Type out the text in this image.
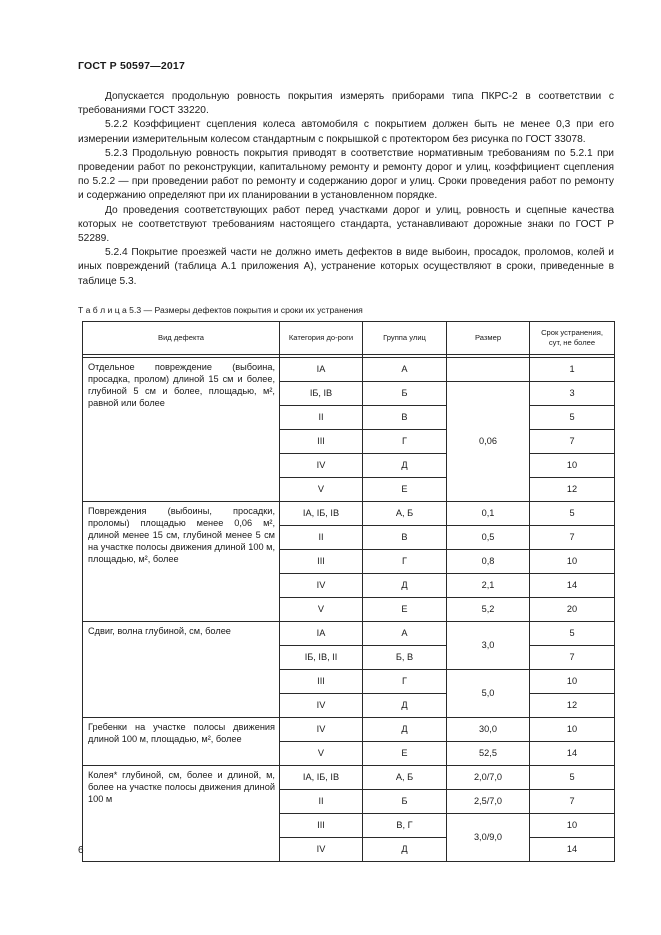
ГОСТ Р 50597—2017

Допускается продольную ровность покрытия измерять приборами типа ПКРС-2 в соответствии с требованиями ГОСТ 33220.

5.2.2 Коэффициент сцепления колеса автомобиля с покрытием должен быть не менее 0,3 при его измерении измерительным колесом стандартным с покрышкой с протектором без рисунка по ГОСТ 33078.

5.2.3 Продольную ровность покрытия приводят в соответствие нормативным требованиям по 5.2.1 при проведении работ по реконструкции, капитальному ремонту и ремонту дорог и улиц, коэффициент сцепления по 5.2.2 — при проведении работ по ремонту и содержанию дорог и улиц. Сроки проведения работ по ремонту и содержанию определяют при их планировании в установленном порядке.

До проведения соответствующих работ перед участками дорог и улиц, ровность и сцепные качества которых не соответствуют требованиям настоящего стандарта, устанавливают дорожные знаки по ГОСТ Р 52289.

5.2.4 Покрытие проезжей части не должно иметь дефектов в виде выбоин, просадок, проломов, колей и иных повреждений (таблица А.1 приложения А), устранение которых осуществляют в сроки, приведенные в таблице 5.3.

Т а б л и ц а 5.3 — Размеры дефектов покрытия и сроки их устранения
Вид дефекта	Категория до-роги	Группа улиц	Размер	Срок устранения, сут, не более

Отдельное повреждение (выбоина, просадка, пролом) длиной 15 см и более, глубиной 5 см и более, площадью, м², равной или более	IA	А		1
	IБ, IB	Б	0,06	3
	II	В		5
	III	Г		7
	IV	Д		10
	V	Е		12
Повреждения (выбоины, просадки, проломы) площадью менее 0,06 м², длиной менее 15 см, глубиной менее 5 см на участке полосы движения длиной 100 м, площадью, м², более	IA, IБ, IB	А, Б	0,1	5
	II	В	0,5	7
	III	Г	0,8	10
	IV	Д	2,1	14
	V	Е	5,2	20
Сдвиг, волна глубиной, см, более	IA	А	3,0	5
	IБ, IB, II	Б, В		7
	III	Г	5,0	10
	IV	Д		12
Гребенки на участке полосы движения длиной 100 м, площадью, м², более	IV	Д	30,0	10
	V	Е	52,5	14
Колея* глубиной, см, более и длиной, м, более на участке полосы движения длиной 100 м	IA, IБ, IB	А, Б	2,0/7,0	5
	II	Б	2,5/7,0	7
	III	В, Г	3,0/9,0	10
	IV	Д		14
6
